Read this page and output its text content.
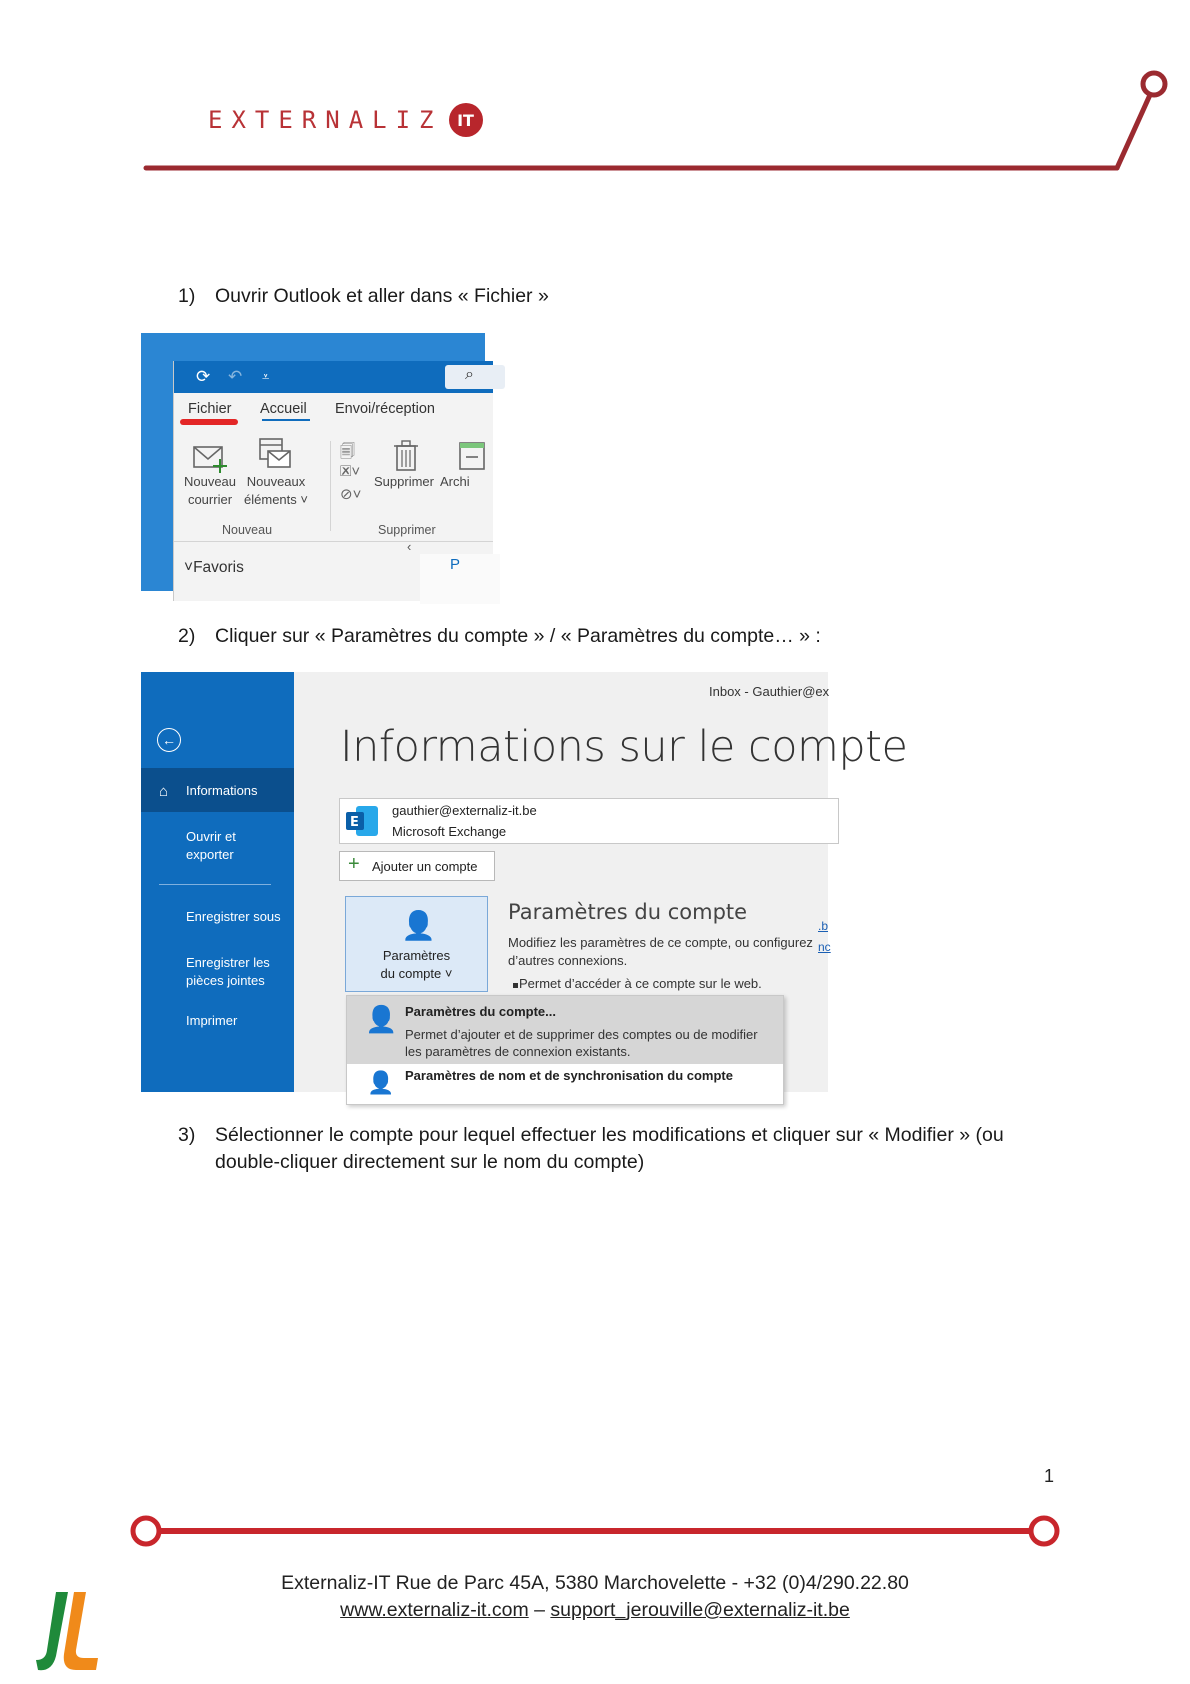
EXTERNALIZ IT
1) Ouvrir Outlook et aller dans « Fichier »
⟳ ↶ ⩡	⌕
Fichier Accueil Envoi/réception
Nouveau
courrier
Nouveaux
éléments ˅
Nouveau
🗐
🗷˅
⊘˅
Supprimer Archi
Supprimer
‹
˅Favoris	P
2) Cliquer sur « Paramètres du compte » / « Paramètres du compte… » :
←
⌂ Informations
Ouvrir et
exporter
Enregistrer sous
Enregistrer les
pièces jointes
Imprimer
Inbox - Gauthier@ex
Informations sur le compte
E
gauthier@externaliz-it.be
Microsoft Exchange
+ Ajouter un compte
👤
Paramètres
du compte ˅
Paramètres du compte
Modifiez les paramètres de ce compte, ou configurez d’autres connexions.
Permet d’accéder à ce compte sur le web.
.b
nc
👤 Paramètres du compte...
Permet d’ajouter et de supprimer des comptes ou de modifier les paramètres de connexion existants.
👤 Paramètres de nom et de synchronisation du compte
3) Sélectionner le compte pour lequel effectuer les modifications et cliquer sur « Modifier » (ou
double-cliquer directement sur le nom du compte)
1
Externaliz-IT Rue de Parc 45A, 5380 Marchovelette - +32 (0)4/290.22.80
www.externaliz-it.com – support_jerouville@externaliz-it.be
